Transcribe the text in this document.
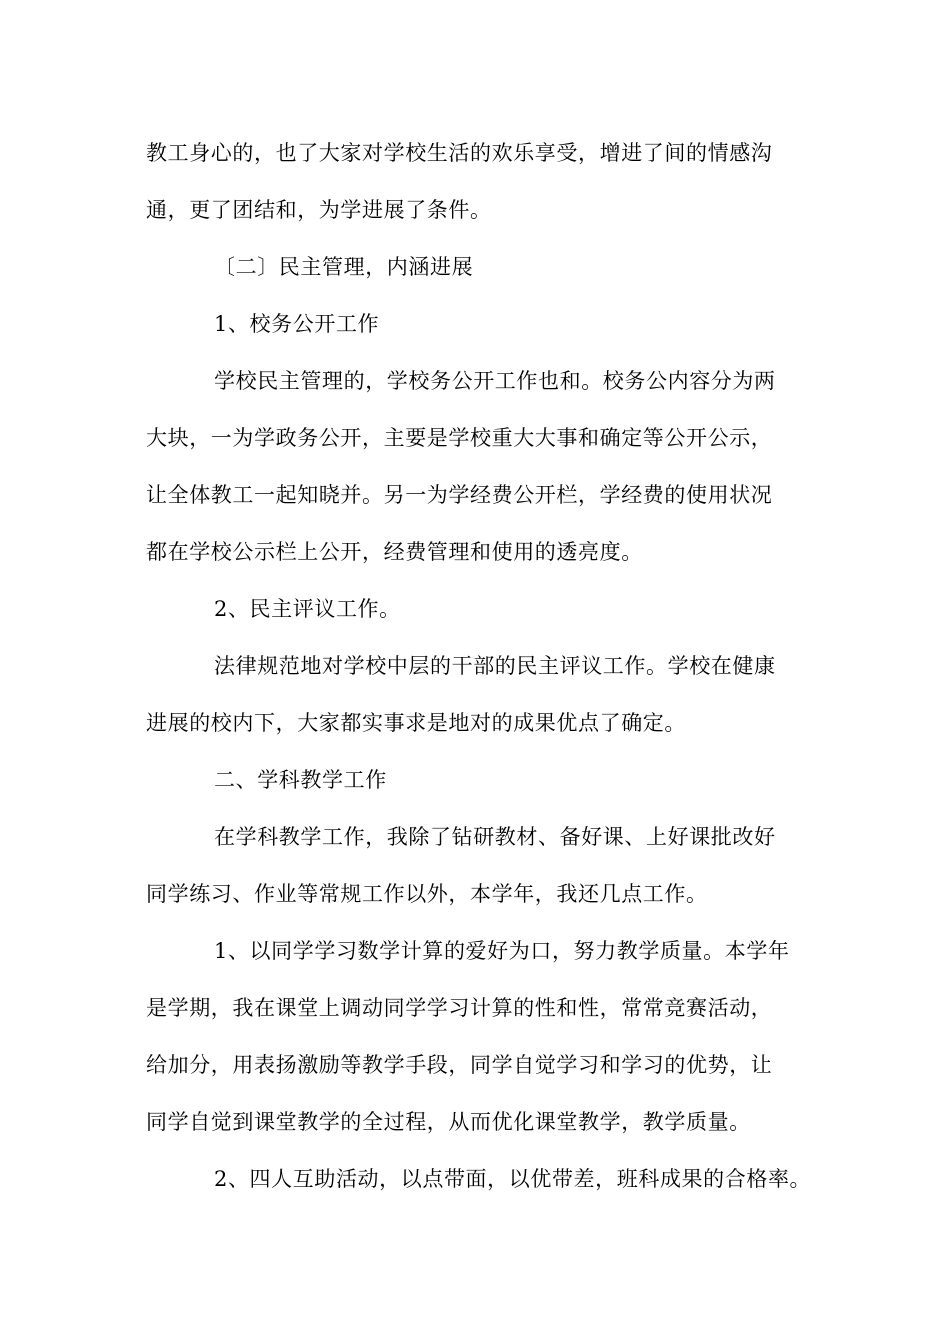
教工身心的，也了大家对学校生活的欢乐享受，增进了间的情感沟
通，更了团结和，为学进展了条件。
〔二〕民主管理，内涵进展
1、校务公开工作
学校民主管理的，学校务公开工作也和。校务公内容分为两
大块，一为学政务公开，主要是学校重大大事和确定等公开公示，
让全体教工一起知晓并。另一为学经费公开栏，学经费的使用状况
都在学校公示栏上公开，经费管理和使用的透亮度。
2、民主评议工作。
法律规范地对学校中层的干部的民主评议工作。学校在健康
进展的校内下，大家都实事求是地对的成果优点了确定。
二、学科教学工作
在学科教学工作，我除了钻研教材、备好课、上好课批改好
同学练习、作业等常规工作以外，本学年，我还几点工作。
1、以同学学习数学计算的爱好为口，努力教学质量。本学年
是学期，我在课堂上调动同学学习计算的性和性，常常竞赛活动，
给加分，用表扬激励等教学手段，同学自觉学习和学习的优势，让
同学自觉到课堂教学的全过程，从而优化课堂教学，教学质量。
2、四人互助活动，以点带面，以优带差，班科成果的合格率。
